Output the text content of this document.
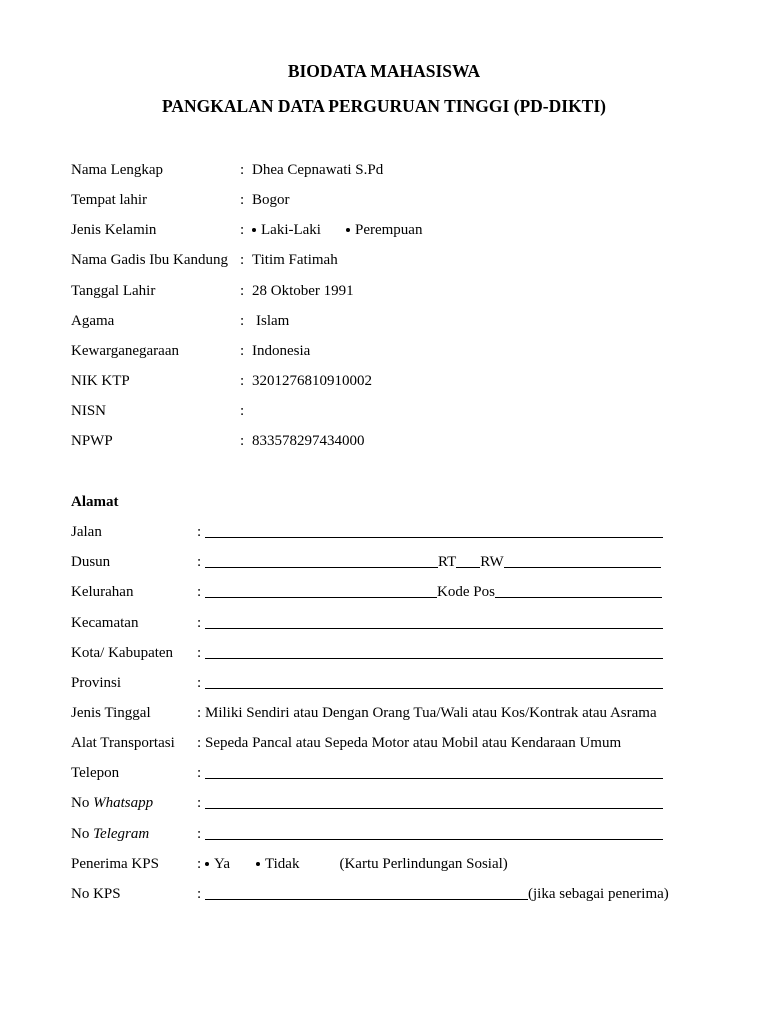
BIODATA MAHASISWA
PANGKALAN DATA PERGURUAN TINGGI (PD-DIKTI)
Nama Lengkap	: Dhea Cepnawati S.Pd
Tempat lahir	: Bogor
Jenis Kelamin	:	Laki-Laki Perempuan
Nama Gadis Ibu Kandung : Titim Fatimah
Tanggal Lahir	: 28 Oktober 1991
Agama	: Islam
Kewarganegaraan	: Indonesia
NIK KTP	: 3201276810910002
NISN	:
NPWP	: 833578297434000
Alamat
Jalan	:
Dusun	:	RT RW
Kelurahan	:	Kode Pos
Kecamatan	:
Kota/ Kabupaten	:
Provinsi	:
Jenis Tinggal	: Miliki Sendiri atau Dengan Orang Tua/Wali atau Kos/Kontrak atau Asrama
Alat Transportasi	: Sepeda Pancal atau Sepeda Motor atau Mobil atau Kendaraan Umum
Telepon	:
No Whatsapp	:
No Telegram	:
Penerima KPS	: Ya Tidak	(Kartu Perlindungan Sosial)
No KPS	:	(jika sebagai penerima)
